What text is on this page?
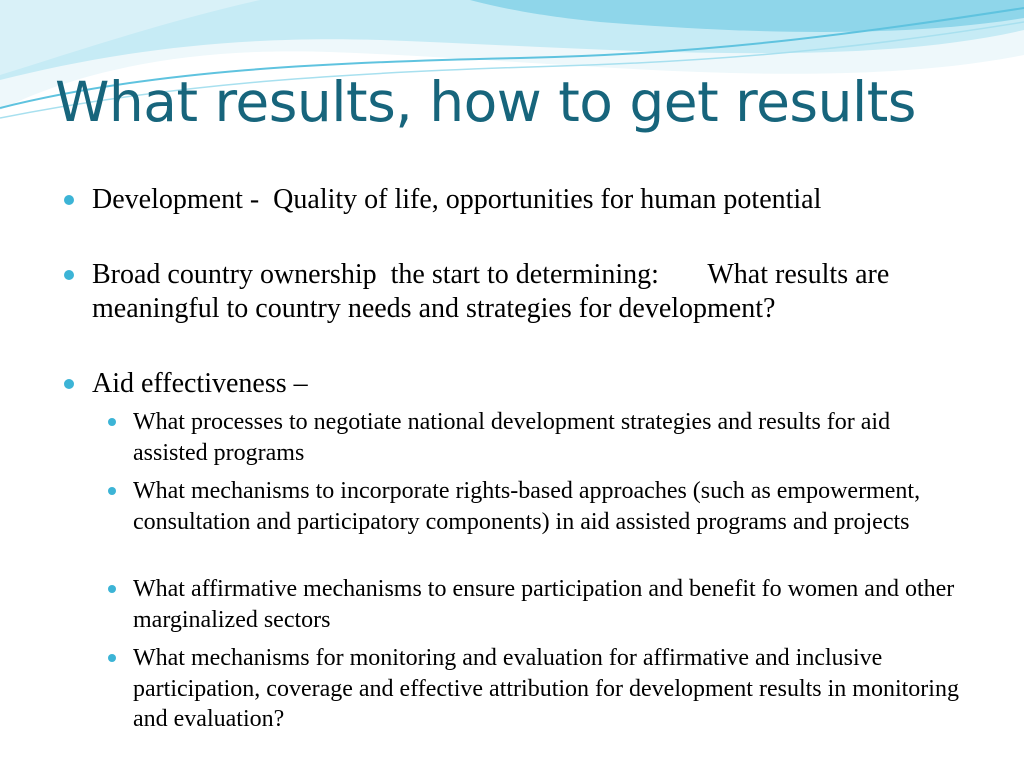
What results, how to get results
Development -  Quality of life, opportunities for human potential
Broad country ownership  the start to determining:       What results are meaningful to country needs and strategies for development?
Aid effectiveness –
What processes to negotiate national development strategies and results for aid assisted programs
What mechanisms to incorporate rights-based approaches (such as empowerment, consultation and participatory components) in aid assisted programs and projects
What affirmative mechanisms to ensure participation and benefit fo women and other marginalized sectors
What mechanisms for monitoring and evaluation for affirmative and inclusive participation, coverage and effective attribution for development results in monitoring and evaluation?
